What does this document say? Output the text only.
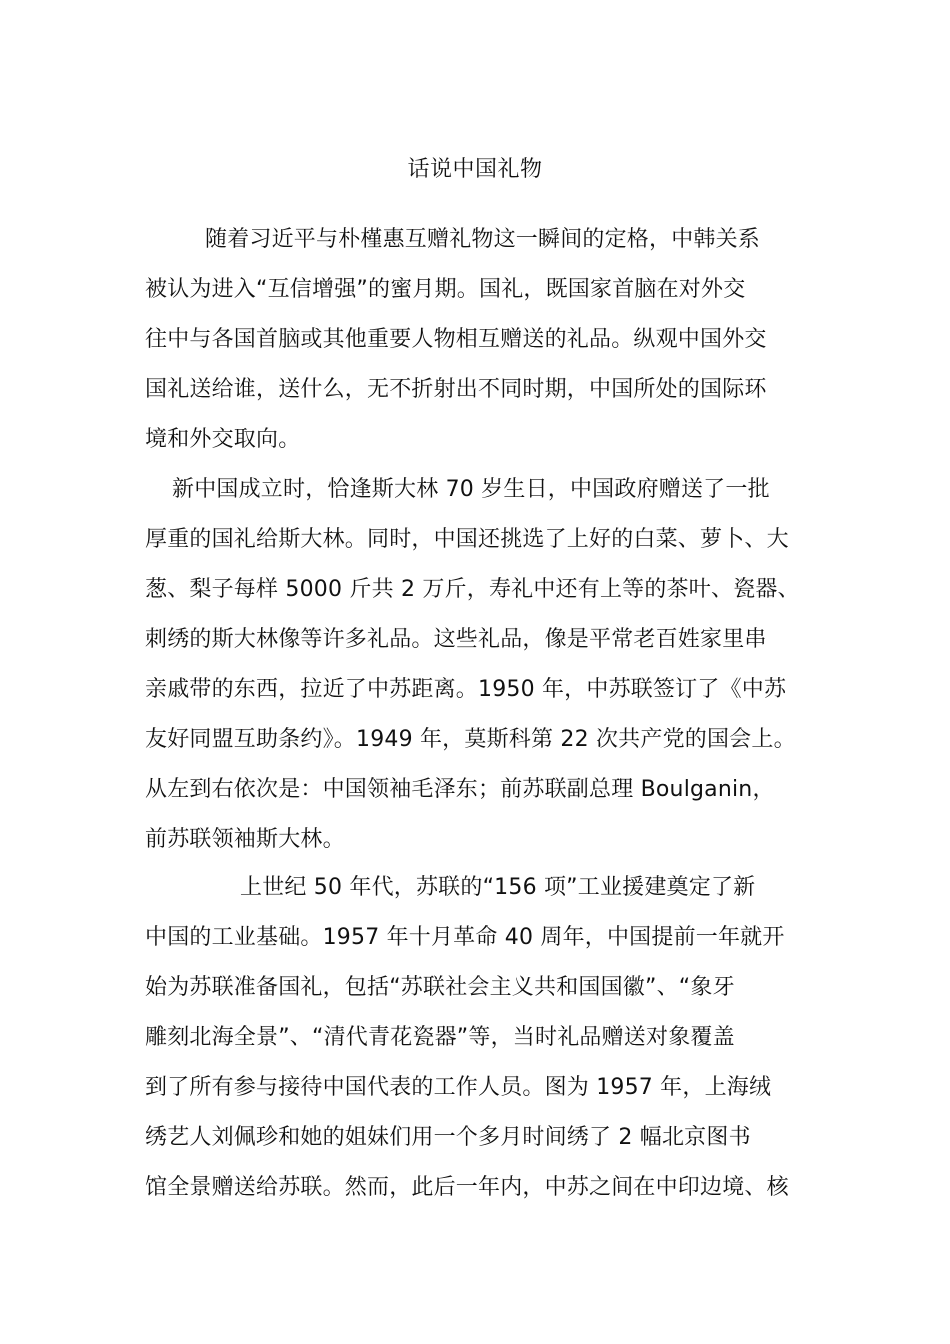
话说中国礼物
随着习近平与朴槿惠互赠礼物这一瞬间的定格，中韩关系
被认为进入“互信增强”的蜜月期。国礼，既国家首脑在对外交
往中与各国首脑或其他重要人物相互赠送的礼品。纵观中国外交
国礼送给谁，送什么，无不折射出不同时期，中国所处的国际环
境和外交取向。
新中国成立时，恰逢斯大林 70 岁生日，中国政府赠送了一批
厚重的国礼给斯大林。同时，中国还挑选了上好的白菜、萝卜、大
葱、梨子每样 5000 斤共 2 万斤，寿礼中还有上等的茶叶、瓷器、
刺绣的斯大林像等许多礼品。这些礼品，像是平常老百姓家里串
亲戚带的东西，拉近了中苏距离。1950 年，中苏联签订了《中苏
友好同盟互助条约》。1949 年，莫斯科第 22 次共产党的国会上。
从左到右依次是：中国领袖毛泽东；前苏联副总理 Boulganin，
前苏联领袖斯大林。
上世纪 50 年代，苏联的“156 项”工业援建奠定了新
中国的工业基础。1957 年十月革命 40 周年，中国提前一年就开
始为苏联准备国礼，包括“苏联社会主义共和国国徽”、“象牙
雕刻北海全景”、“清代青花瓷器”等，当时礼品赠送对象覆盖
到了所有参与接待中国代表的工作人员。图为 1957 年，上海绒
绣艺人刘佩珍和她的姐妹们用一个多月时间绣了 2 幅北京图书
馆全景赠送给苏联。然而，此后一年内，中苏之间在中印边境、核
